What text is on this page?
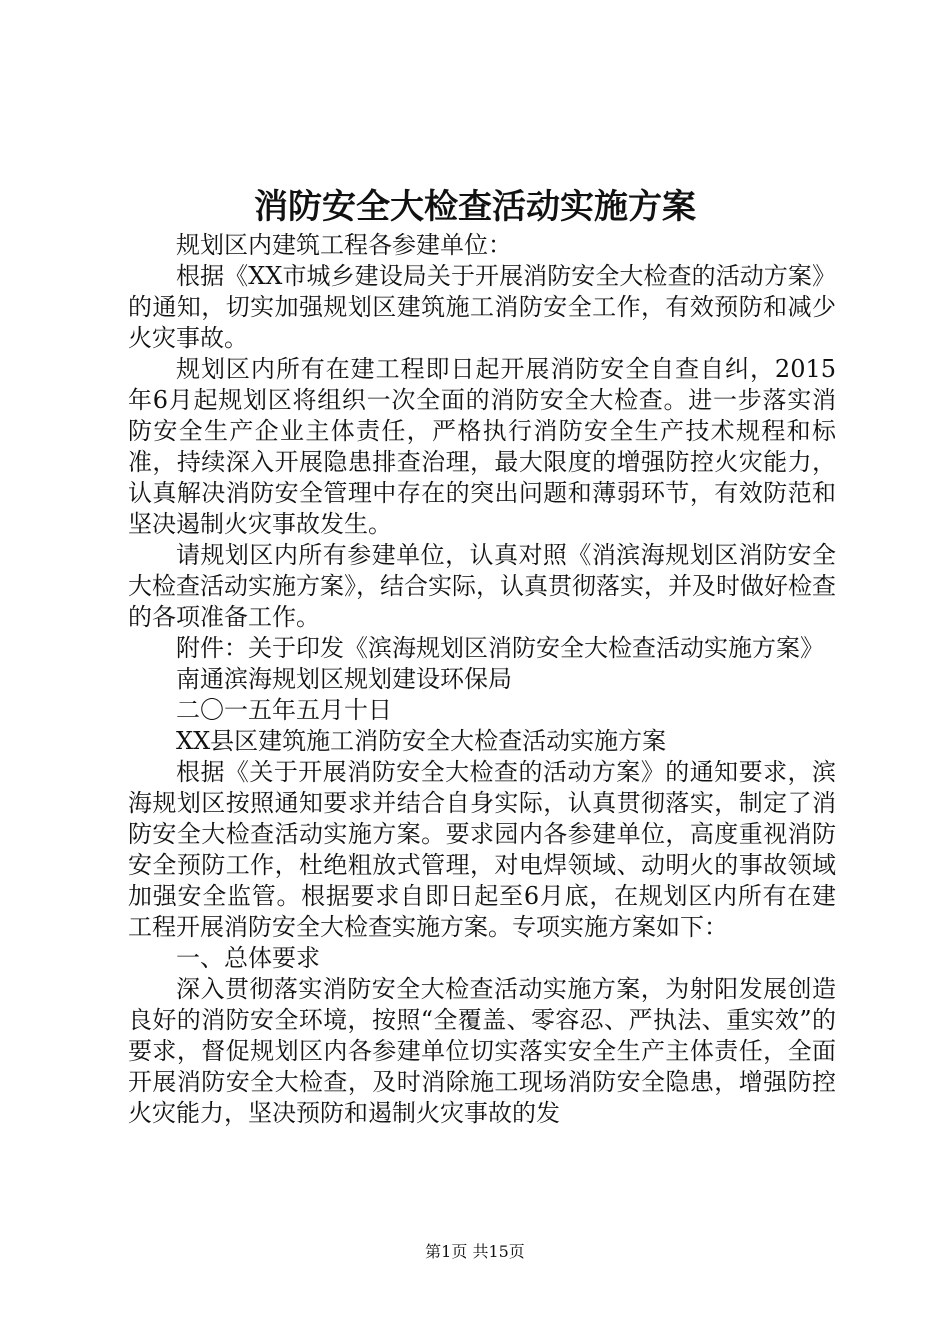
消防安全大检查活动实施方案

规划区内建筑工程各参建单位：

根据《XX市城乡建设局关于开展消防安全大检查的活动方案》的通知，切实加强规划区建筑施工消防安全工作，有效预防和减少火灾事故。

规划区内所有在建工程即日起开展消防安全自查自纠，2015年6月起规划区将组织一次全面的消防安全大检查。进一步落实消防安全生产企业主体责任，严格执行消防安全生产技术规程和标准，持续深入开展隐患排查治理，最大限度的增强防控火灾能力，认真解决消防安全管理中存在的突出问题和薄弱环节，有效防范和坚决遏制火灾事故发生。

请规划区内所有参建单位，认真对照《消滨海规划区消防安全大检查活动实施方案》，结合实际，认真贯彻落实，并及时做好检查的各项准备工作。

附件：关于印发《滨海规划区消防安全大检查活动实施方案》

南通滨海规划区规划建设环保局

二〇一五年五月十日

XX县区建筑施工消防安全大检查活动实施方案

根据《关于开展消防安全大检查的活动方案》的通知要求，滨海规划区按照通知要求并结合自身实际，认真贯彻落实，制定了消防安全大检查活动实施方案。要求园内各参建单位，高度重视消防安全预防工作，杜绝粗放式管理，对电焊领域、动明火的事故领域加强安全监管。根据要求自即日起至6月底，在规划区内所有在建工程开展消防安全大检查实施方案。专项实施方案如下：

一、总体要求

深入贯彻落实消防安全大检查活动实施方案，为射阳发展创造良好的消防安全环境，按照“全覆盖、零容忍、严执法、重实效”的要求，督促规划区内各参建单位切实落实安全生产主体责任，全面开展消防安全大检查，及时消除施工现场消防安全隐患，增强防控火灾能力，坚决预防和遏制火灾事故的发

第1页 共15页
